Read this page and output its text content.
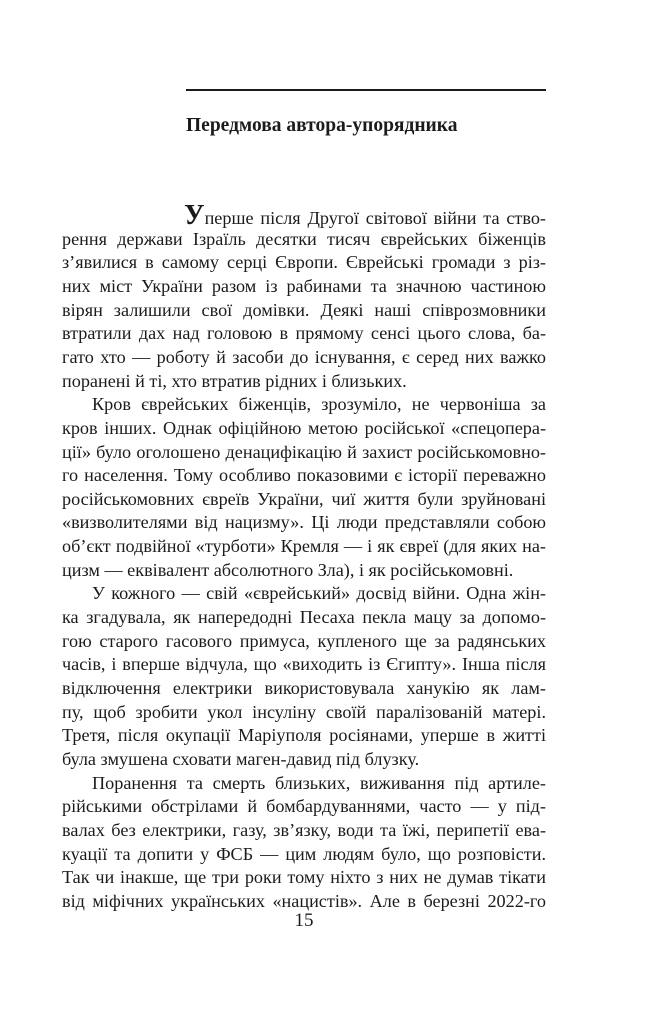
Передмова автора-упорядника
Уперше після Другої світової війни та ство-
рення держави Ізраїль десятки тисяч єврейських біженців
з’явилися в самому серці Європи. Єврейські громади з різ-
них міст України разом із рабинами та значною частиною
вірян залишили свої домівки. Деякі наші співрозмовники
втратили дах над головою в прямому сенсі цього слова, ба-
гато хто — роботу й засоби до існування, є серед них важко
поранені й ті, хто втратив рідних і близьких.
Кров єврейських біженців, зрозуміло, не червоніша за
кров інших. Однак офіційною метою російської «спецопера-
ції» було оголошено денацифікацію й захист російськомовно-
го населення. Тому особливо показовими є історії переважно
російськомовних євреїв України, чиї життя були зруйновані
«визволителями від нацизму». Ці люди представляли собою
об’єкт подвійної «турботи» Кремля — і як євреї (для яких на-
цизм — еквівалент абсолютного Зла), і як російськомовні.
У кожного — свій «єврейський» досвід війни. Одна жін-
ка згадувала, як напередодні Песаха пекла мацу за допомо-
гою старого гасового примуса, купленого ще за радянських
часів, і вперше відчула, що «виходить із Єгипту». Інша після
відключення електрики використовувала ханукію як лам-
пу, щоб зробити укол інсуліну своїй паралізованій матері.
Третя, після окупації Маріуполя росіянами, уперше в житті
була змушена сховати маген-давид під блузку.
Поранення та смерть близьких, виживання під артиле-
рійськими обстрілами й бомбардуваннями, часто — у під-
валах без електрики, газу, зв’язку, води та їжі, перипетії ева-
куації та допити у ФСБ — цим людям було, що розповісти.
Так чи інакше, ще три роки тому ніхто з них не думав тікати
від міфічних українських «нацистів». Але в березні 2022-го
15
